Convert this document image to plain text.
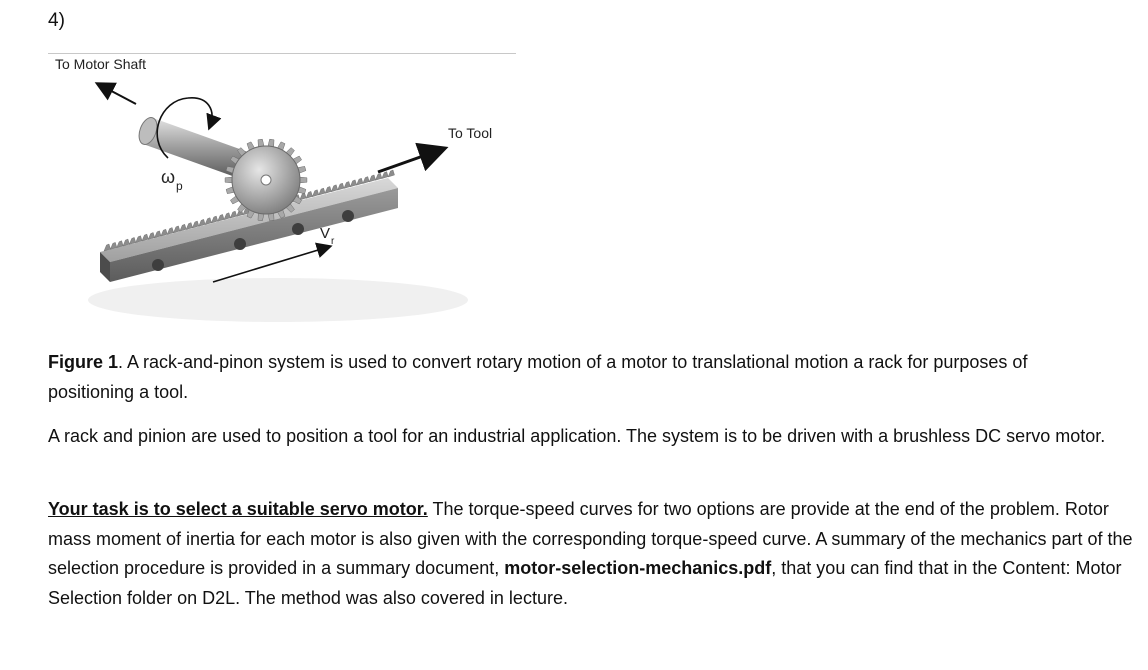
4)
ω p
V r
To Motor Shaft
To Tool
Figure 1. A rack-and-pinon system is used to convert rotary motion of a motor to translational motion a rack for purposes of positioning a tool.
A rack and pinion are used to position a tool for an industrial application. The system is to be driven with a brushless DC servo motor.
Your task is to select a suitable servo motor. The torque-speed curves for two options are provide at the end of the problem. Rotor mass moment of inertia for each motor is also given with the corresponding torque-speed curve. A summary of the mechanics part of the selection procedure is provided in a summary document, motor-selection-mechanics.pdf, that you can find that in the Content: Motor Selection folder on D2L. The method was also covered in lecture.
